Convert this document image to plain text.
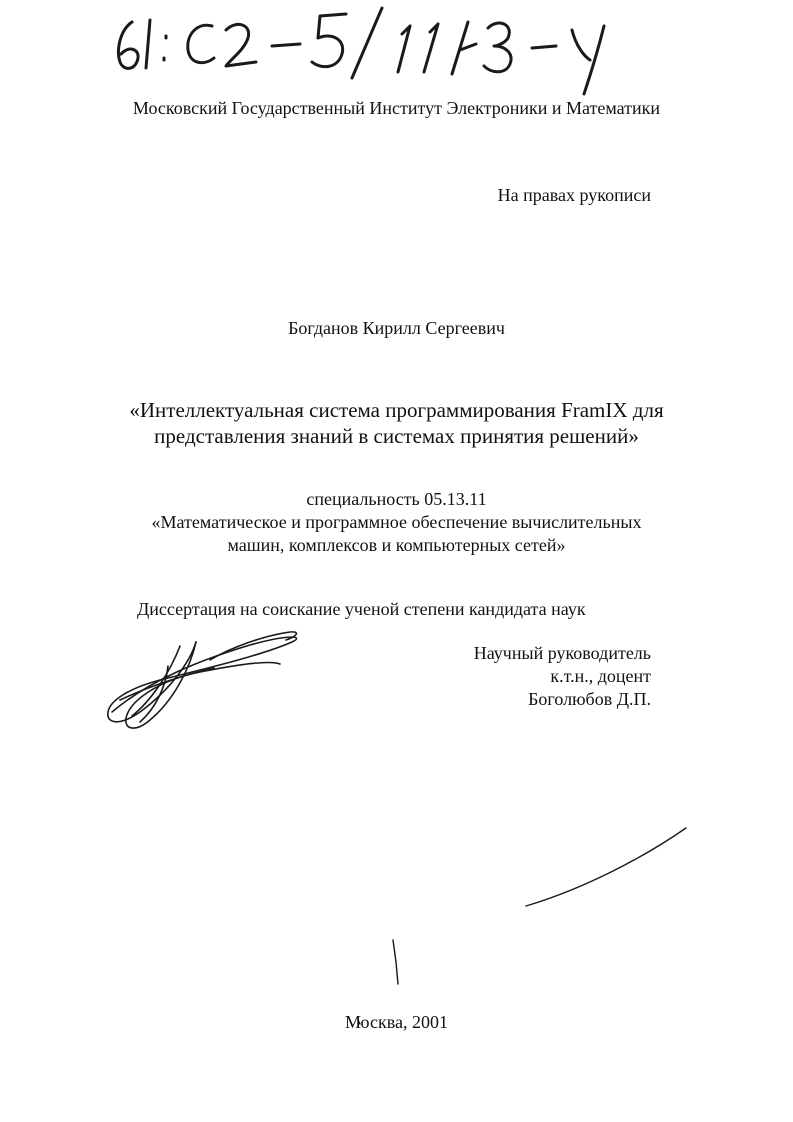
Московский Государственный Институт Электроники и Математики
На правах рукописи
Богданов Кирилл Сергеевич
«Интеллектуальная система программирования FramIX для
представления знаний в системах принятия решений»
специальность 05.13.11
«Математическое и программное обеспечение вычислительных
машин, комплексов и компьютерных сетей»
Диссертация на соискание ученой степени кандидата наук
Научный руководитель
к.т.н., доцент
Боголюбов Д.П.
Москва, 2001
